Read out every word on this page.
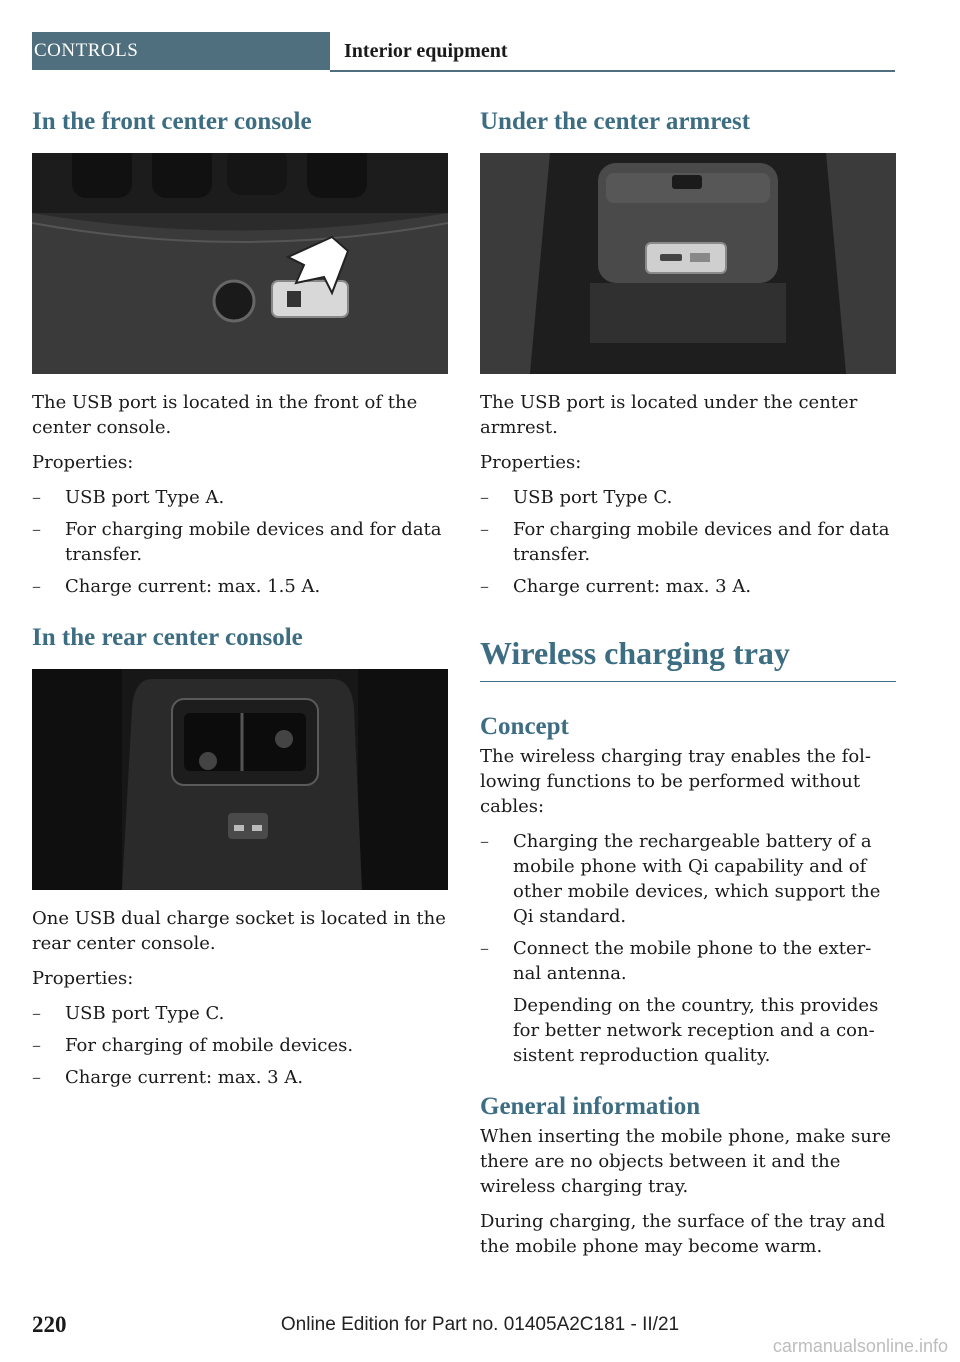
CONTROLS	Interior equipment
In the front center console

The USB port is located in the front of the center console.

Properties:

– USB port Type A.
– For charging mobile devices and for data transfer.
– Charge current: max. 1.5 A.
In the rear center console

One USB dual charge socket is located in the rear center console.

Properties:

– USB port Type C.
– For charging of mobile devices.
– Charge current: max. 3 A.
Under the center armrest

The USB port is located under the center armrest.

Properties:

– USB port Type C.
– For charging mobile devices and for data transfer.
– Charge current: max. 3 A.
Wireless charging tray
Concept

The wireless charging tray enables the fol‐ lowing functions to be performed without cables:

– Charging the rechargeable battery of a mobile phone with Qi capability and of other mobile devices, which support the Qi standard.
– Connect the mobile phone to the exter‐ nal antenna.
Depending on the country, this provides for better network reception and a con‐ sistent reproduction quality.
General information

When inserting the mobile phone, make sure there are no objects between it and the wireless charging tray.

During charging, the surface of the tray and the mobile phone may become warm.

220	Online Edition for Part no. 01405A2C181 - II/21
carmanualsonline.info
